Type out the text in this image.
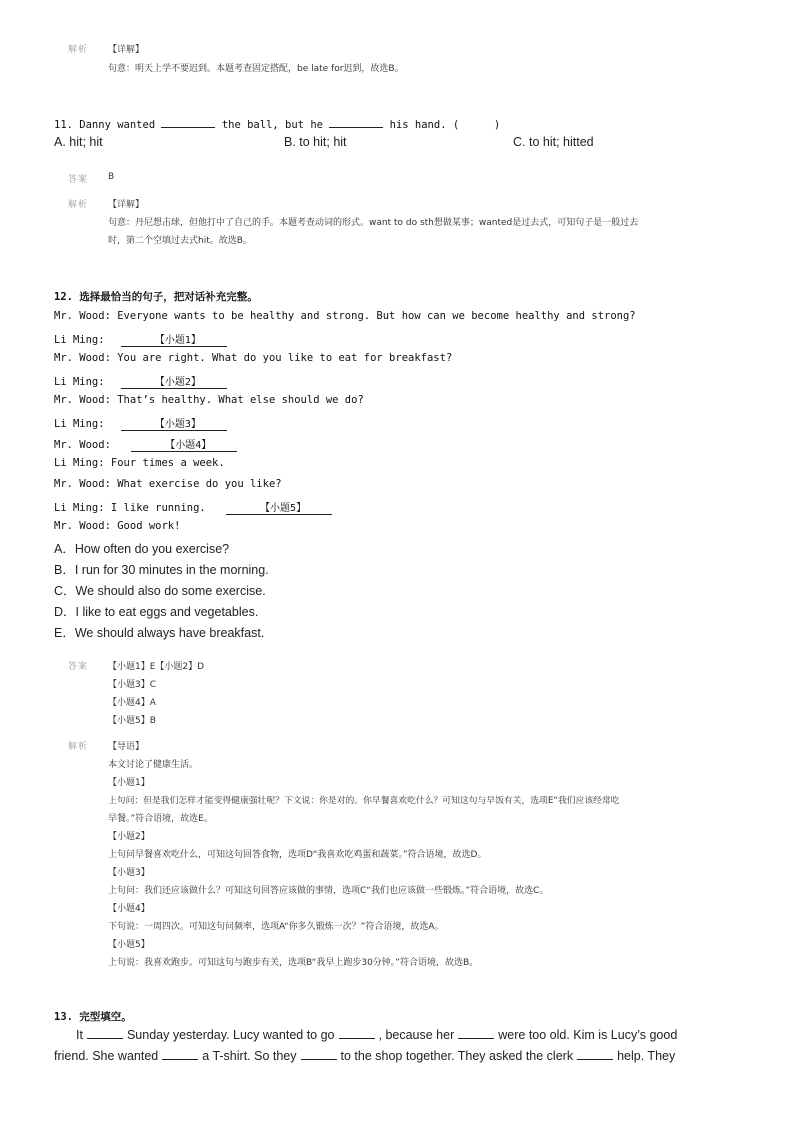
解析 【详解】
句意：明天上学不要迟到。本题考查固定搭配，be late for迟到，故选B。
11. Danny wanted	the ball, but he	his hand. (	)
A. hit; hit	B. to hit; hit	C. to hit; hitted
答案 B
解析 【详解】
句意：丹尼想击球，但他打中了自己的手。本题考查动词的形式。want to do sth想做某事；wanted是过去式，可知句子是一般过去
时，第二个空填过去式hit。故选B。
12. 选择最恰当的句子，把对话补充完整。
Mr. Wood: Everyone wants to be healthy and strong. But how can we become healthy and strong?
Li Ming:	【小题1】
Mr. Wood: You are right. What do you like to eat for breakfast?
Li Ming:	【小题2】
Mr. Wood: That’s healthy. What else should we do?
Li Ming:	【小题3】
Mr. Wood:	【小题4】
Li Ming: Four times a week.
Mr. Wood: What exercise do you like?
Li Ming: I like running.	【小题5】
Mr. Wood: Good work!
A．How often do you exercise?
B．I run for 30 minutes in the morning.
C．We should also do some exercise.
D．I like to eat eggs and vegetables.
E．We should always have breakfast.
答案 【小题1】E【小题2】D
【小题3】C
【小题4】A
【小题5】B
解析 【导语】
本文讨论了健康生活。
【小题1】
上句问：但是我们怎样才能变得健康强壮呢？下文说：你是对的。你早餐喜欢吃什么？可知这句与早饭有关，选项E“我们应该经常吃
早餐。”符合语境，故选E。
【小题2】
上句问早餐喜欢吃什么，可知这句回答食物，选项D“我喜欢吃鸡蛋和蔬菜。”符合语境，故选D。
【小题3】
上句问：我们还应该做什么？可知这句回答应该做的事情，选项C“我们也应该做一些锻炼。”符合语境，故选C。
【小题4】
下句说：一周四次。可知这句问频率，选项A“你多久锻炼一次？”符合语境，故选A。
【小题5】
上句说：我喜欢跑步。可知这句与跑步有关，选项B“我早上跑步30分钟。”符合语境，故选B。
13. 完型填空。
It	Sunday yesterday. Lucy wanted to go	, because her	were too old. Kim is Lucy’s good
friend. She wanted	a T-shirt. So they	to the shop together. They asked the clerk	help. They
